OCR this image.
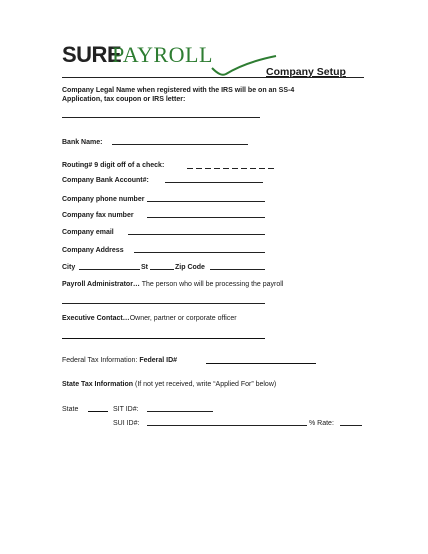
SURE
PAYROLL
Company Setup
Company Legal Name when registered with the IRS will be on an SS-4
Application, tax coupon or IRS letter:
Bank Name:
Routing# 9 digit off of a check:
Company Bank Account#:
Company phone number
Company fax number
Company email
Company Address
City	St	Zip Code
Payroll Administrator… The person who will be processing the payroll
Executive Contact…Owner, partner or corporate officer
Federal Tax Information: Federal ID#
State Tax Information (If not yet received, write “Applied For” below)
State	SIT ID#:
SUI ID#:	% Rate:
